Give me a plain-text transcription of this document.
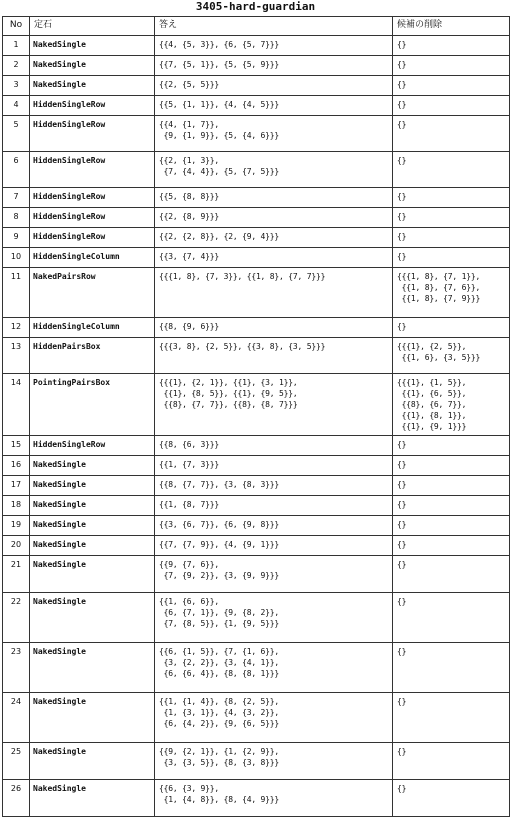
3405-hard-guardian
No	定石	答え	候補の削除
1	NakedSingle	{{4, {5, 3}}, {6, {5, 7}}}	{}

2	NakedSingle	{{7, {5, 1}}, {5, {5, 9}}}	{}

3	NakedSingle	{{2, {5, 5}}}	{}

4	HiddenSingleRow	{{5, {1, 1}}, {4, {4, 5}}}	{}

5	HiddenSingleRow	{{4, {1, 7}},
{9, {1, 9}}, {5, {4, 6}}}	{}

6	HiddenSingleRow	{{2, {1, 3}},
{7, {4, 4}}, {5, {7, 5}}}	{}

7	HiddenSingleRow	{{5, {8, 8}}}	{}

8	HiddenSingleRow	{{2, {8, 9}}}	{}

9	HiddenSingleRow	{{2, {2, 8}}, {2, {9, 4}}}	{}

10	HiddenSingleColumn	{{3, {7, 4}}}	{}

11	NakedPairsRow	{{{1, 8}, {7, 3}}, {{1, 8}, {7, 7}}}	{{{1, 8}, {7, 1}},
{{1, 8}, {7, 6}},
{{1, 8}, {7, 9}}}

12	HiddenSingleColumn	{{8, {9, 6}}}	{}

13	HiddenPairsBox	{{{3, 8}, {2, 5}}, {{3, 8}, {3, 5}}}	{{{1}, {2, 5}},
{{1, 6}, {3, 5}}}

14	PointingPairsBox	{{{1}, {2, 1}}, {{1}, {3, 1}},
{{1}, {8, 5}}, {{1}, {9, 5}},
{{8}, {7, 7}}, {{8}, {8, 7}}}	{{{1}, {1, 5}},
{{1}, {6, 5}},
{{8}, {6, 7}},
{{1}, {8, 1}},
{{1}, {9, 1}}}

15	HiddenSingleRow	{{8, {6, 3}}}	{}

16	NakedSingle	{{1, {7, 3}}}	{}

17	NakedSingle	{{8, {7, 7}}, {3, {8, 3}}}	{}

18	NakedSingle	{{1, {8, 7}}}	{}

19	NakedSingle	{{3, {6, 7}}, {6, {9, 8}}}	{}

20	NakedSingle	{{7, {7, 9}}, {4, {9, 1}}}	{}

21	NakedSingle	{{9, {7, 6}},
{7, {9, 2}}, {3, {9, 9}}}	{}

22	NakedSingle	{{1, {6, 6}},
{6, {7, 1}}, {9, {8, 2}},
{7, {8, 5}}, {1, {9, 5}}}	{}

23	NakedSingle	{{6, {1, 5}}, {7, {1, 6}},
{3, {2, 2}}, {3, {4, 1}},
{6, {6, 4}}, {8, {8, 1}}}	{}

24	NakedSingle	{{1, {1, 4}}, {8, {2, 5}},
{1, {3, 1}}, {4, {3, 2}},
{6, {4, 2}}, {9, {6, 5}}}	{}

25	NakedSingle	{{9, {2, 1}}, {1, {2, 9}},
{3, {3, 5}}, {8, {3, 8}}}	{}

26	NakedSingle	{{6, {3, 9}},
{1, {4, 8}}, {8, {4, 9}}}	{}
